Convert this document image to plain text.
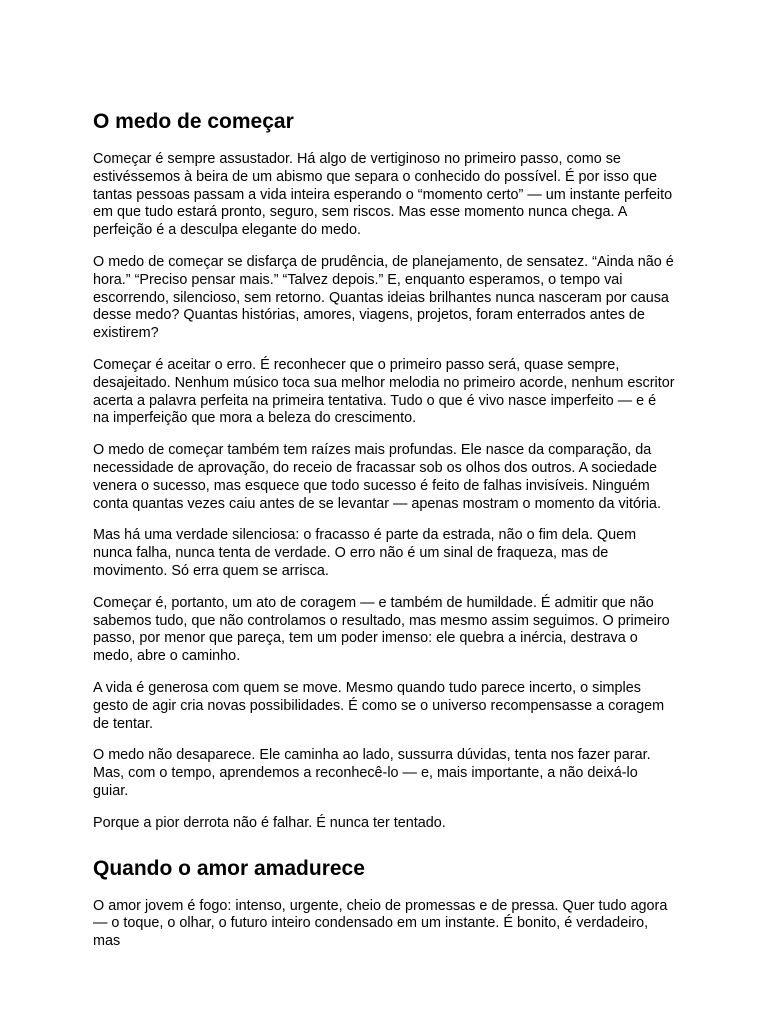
O medo de começar

Começar é sempre assustador. Há algo de vertiginoso no primeiro passo, como se estivéssemos à beira de um abismo que separa o conhecido do possível. É por isso que tantas pessoas passam a vida inteira esperando o “momento certo” — um instante perfeito em que tudo estará pronto, seguro, sem riscos. Mas esse momento nunca chega. A perfeição é a desculpa elegante do medo.

O medo de começar se disfarça de prudência, de planejamento, de sensatez. “Ainda não é hora.” “Preciso pensar mais.” “Talvez depois.” E, enquanto esperamos, o tempo vai escorrendo, silencioso, sem retorno. Quantas ideias brilhantes nunca nasceram por causa desse medo? Quantas histórias, amores, viagens, projetos, foram enterrados antes de existirem?

Começar é aceitar o erro. É reconhecer que o primeiro passo será, quase sempre, desajeitado. Nenhum músico toca sua melhor melodia no primeiro acorde, nenhum escritor acerta a palavra perfeita na primeira tentativa. Tudo o que é vivo nasce imperfeito — e é na imperfeição que mora a beleza do crescimento.

O medo de começar também tem raízes mais profundas. Ele nasce da comparação, da necessidade de aprovação, do receio de fracassar sob os olhos dos outros. A sociedade venera o sucesso, mas esquece que todo sucesso é feito de falhas invisíveis. Ninguém conta quantas vezes caiu antes de se levantar — apenas mostram o momento da vitória.

Mas há uma verdade silenciosa: o fracasso é parte da estrada, não o fim dela. Quem nunca falha, nunca tenta de verdade. O erro não é um sinal de fraqueza, mas de movimento. Só erra quem se arrisca.

Começar é, portanto, um ato de coragem — e também de humildade. É admitir que não sabemos tudo, que não controlamos o resultado, mas mesmo assim seguimos. O primeiro passo, por menor que pareça, tem um poder imenso: ele quebra a inércia, destrava o medo, abre o caminho.

A vida é generosa com quem se move. Mesmo quando tudo parece incerto, o simples gesto de agir cria novas possibilidades. É como se o universo recompensasse a coragem de tentar.

O medo não desaparece. Ele caminha ao lado, sussurra dúvidas, tenta nos fazer parar. Mas, com o tempo, aprendemos a reconhecê-lo — e, mais importante, a não deixá-lo guiar.

Porque a pior derrota não é falhar. É nunca ter tentado.

Quando o amor amadurece

O amor jovem é fogo: intenso, urgente, cheio de promessas e de pressa. Quer tudo agora — o toque, o olhar, o futuro inteiro condensado em um instante. É bonito, é verdadeiro, mas
